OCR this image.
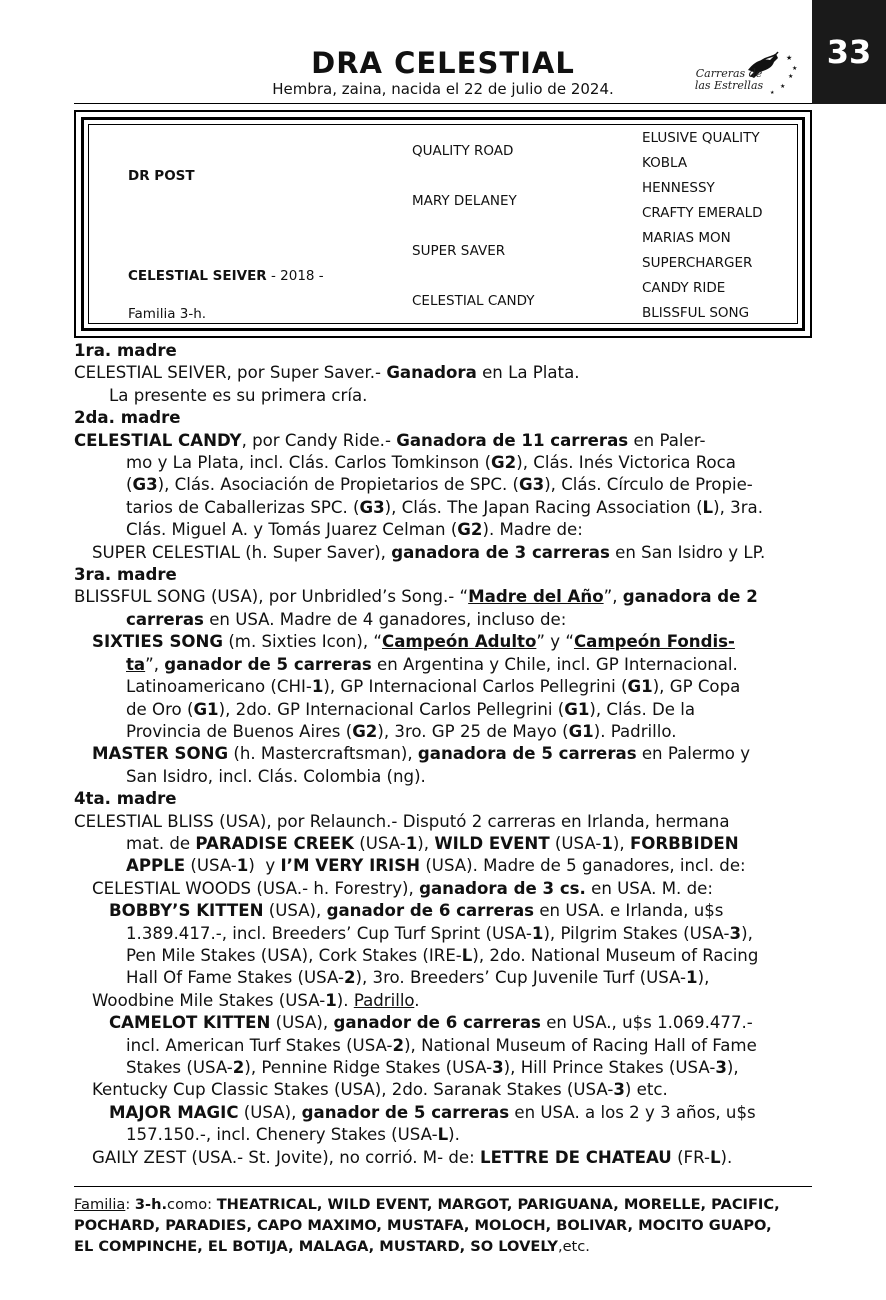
33
DRA CELESTIAL
Hembra, zaina, nacida el 22 de julio de 2024.
★
★
★
★
★
Carreras de las Estrellas
DR POST
CELESTIAL SEIVER - 2018 -
Familia 3-h.
QUALITY ROAD
MARY DELANEY
SUPER SAVER
CELESTIAL CANDY
ELUSIVE QUALITY
KOBLA
HENNESSY
CRAFTY EMERALD
MARIAS MON
SUPERCHARGER
CANDY RIDE
BLISSFUL SONG

1ra. madre

CELESTIAL SEIVER, por Super Saver.- Ganadora en La Plata.

La presente es su primera cría.

2da. madre

CELESTIAL CANDY, por Candy Ride.- Ganadora de 11 carreras en Paler-

mo y La Plata, incl. Clás. Carlos Tomkinson (G2), Clás. Inés Victorica Roca

(G3), Clás. Asociación de Propietarios de SPC. (G3), Clás. Círculo de Propie-

tarios de Caballerizas SPC. (G3), Clás. The Japan Racing Association (L), 3ra.

Clás. Miguel A. y Tomás Juarez Celman (G2). Madre de:

SUPER CELESTIAL (h. Super Saver), ganadora de 3 carreras en San Isidro y LP.

3ra. madre

BLISSFUL SONG (USA), por Unbridled’s Song.- “Madre del Año”, ganadora de 2

carreras en USA. Madre de 4 ganadores, incluso de:

SIXTIES SONG (m. Sixties Icon), “Campeón Adulto” y “Campeón Fondis-

ta”, ganador de 5 carreras en Argentina y Chile, incl. GP Internacional.

Latinoamericano (CHI-1), GP Internacional Carlos Pellegrini (G1), GP Copa

de Oro (G1), 2do. GP Internacional Carlos Pellegrini (G1), Clás. De la

Provincia de Buenos Aires (G2), 3ro. GP 25 de Mayo (G1). Padrillo.

MASTER SONG (h. Mastercraftsman), ganadora de 5 carreras en Palermo y

San Isidro, incl. Clás. Colombia (ng).

4ta. madre

CELESTIAL BLISS (USA), por Relaunch.- Disputó 2 carreras en Irlanda, hermana

mat. de PARADISE CREEK (USA-1), WILD EVENT (USA-1), FORBBIDEN

APPLE (USA-1)  y I’M VERY IRISH (USA). Madre de 5 ganadores, incl. de:

CELESTIAL WOODS (USA.- h. Forestry), ganadora de 3 cs. en USA. M. de:

BOBBY’S KITTEN (USA), ganador de 6 carreras en USA. e Irlanda, u$s

1.389.417.-, incl. Breeders’ Cup Turf Sprint (USA-1), Pilgrim Stakes (USA-3),

Pen Mile Stakes (USA), Cork Stakes (IRE-L), 2do. National Museum of Racing

Hall Of Fame Stakes (USA-2), 3ro. Breeders’ Cup Juvenile Turf (USA-1),

Woodbine Mile Stakes (USA-1). Padrillo.

CAMELOT KITTEN (USA), ganador de 6 carreras en USA., u$s 1.069.477.-

incl. American Turf Stakes (USA-2), National Museum of Racing Hall of Fame

Stakes (USA-2), Pennine Ridge Stakes (USA-3), Hill Prince Stakes (USA-3),

Kentucky Cup Classic Stakes (USA), 2do. Saranak Stakes (USA-3) etc.

MAJOR MAGIC (USA), ganador de 5 carreras en USA. a los 2 y 3 años, u$s

157.150.-, incl. Chenery Stakes (USA-L).

GAILY ZEST (USA.- St. Jovite), no corrió. M- de: LETTRE DE CHATEAU (FR-L).

Familia: 3-h.como: THEATRICAL, WILD EVENT, MARGOT, PARIGUANA, MORELLE, PACIFIC,

POCHARD, PARADIES, CAPO MAXIMO, MUSTAFA, MOLOCH, BOLIVAR, MOCITO GUAPO,

EL COMPINCHE, EL BOTIJA, MALAGA, MUSTARD, SO LOVELY,etc.
